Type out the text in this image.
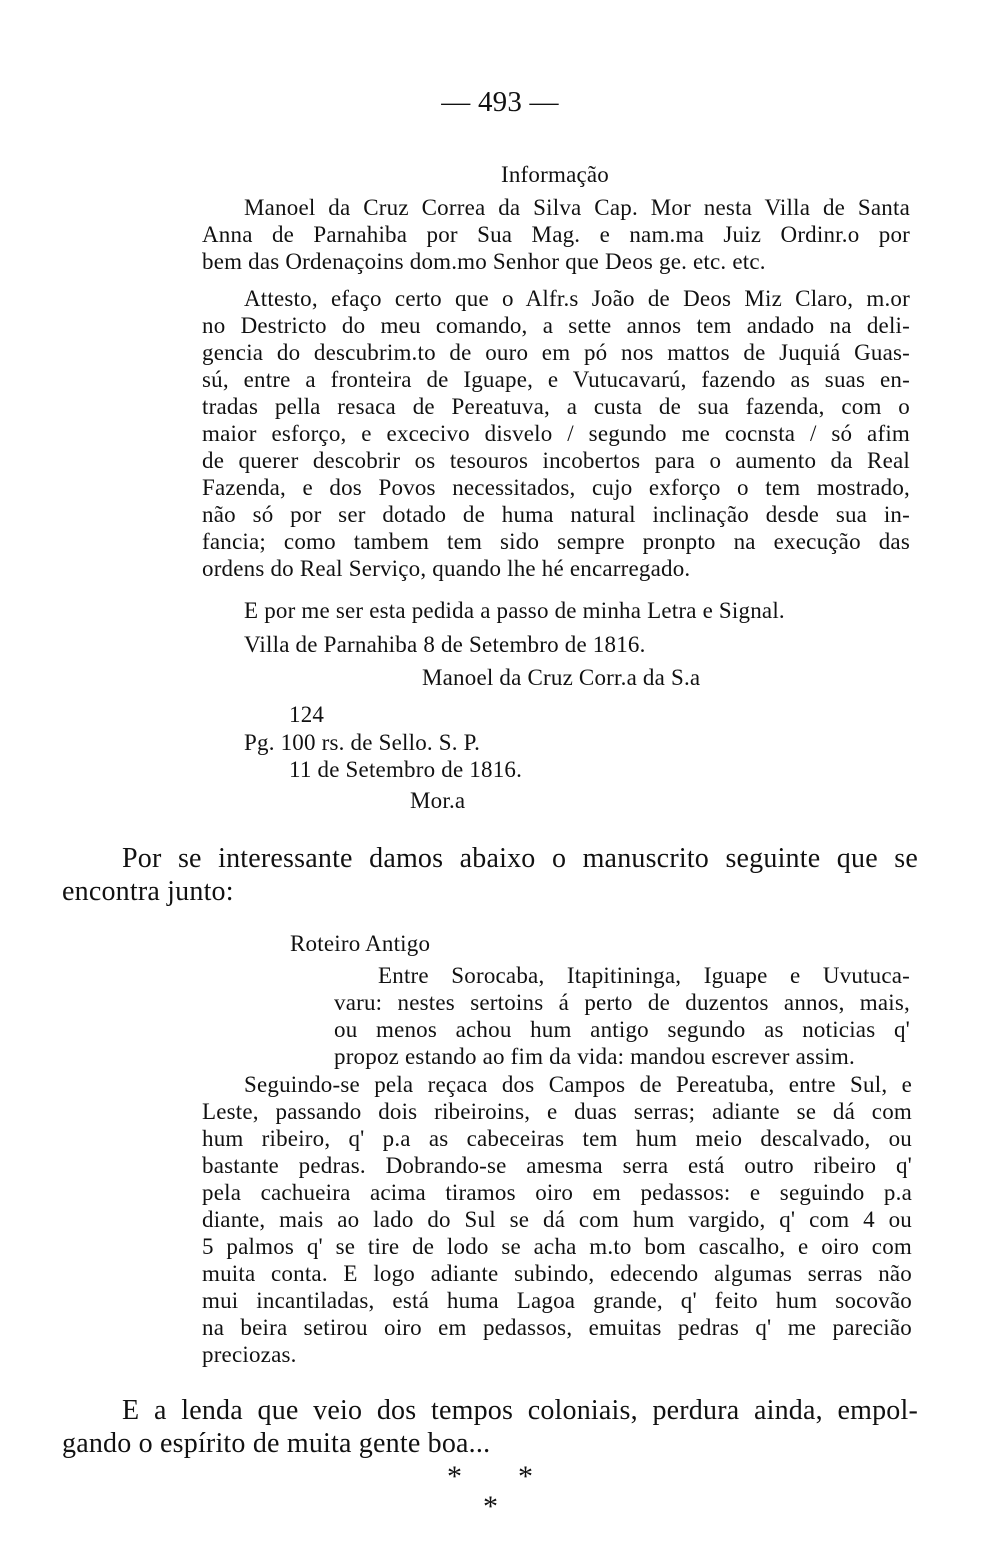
— 493 —
Informação
Manoel da Cruz Correa da Silva Cap. Mor nesta Villa de Santa
Anna de Parnahiba por Sua Mag. e nam.ma Juiz Ordinr.o por
bem das Ordenaçoins dom.mo Senhor que Deos ge. etc. etc.
Attesto, efaço certo que o Alfr.s João de Deos Miz Claro, m.or
no Destricto do meu comando, a sette annos tem andado na deli-
gencia do descubrim.to de ouro em pó nos mattos de Juquiá Guas-
sú, entre a fronteira de Iguape, e Vutucavarú, fazendo as suas en-
tradas pella resaca de Pereatuva, a custa de sua fazenda, com o
maior esforço, e excecivo disvelo / segundo me cocnsta / só afim
de querer descobrir os tesouros incobertos para o aumento da Real
Fazenda, e dos Povos necessitados, cujo exforço o tem mostrado,
não só por ser dotado de huma natural inclinação desde sua in-
fancia; como tambem tem sido sempre pronpto na execução das
ordens do Real Serviço, quando lhe hé encarregado.
E por me ser esta pedida a passo de minha Letra e Signal.
Villa de Parnahiba 8 de Setembro de 1816.
Manoel da Cruz Corr.a da S.a
124
Pg. 100 rs. de Sello. S. P.
11 de Setembro de 1816.
Mor.a
Por se interessante damos abaixo o manuscrito seguinte que se
encontra junto:
Roteiro Antigo
Entre Sorocaba, Itapitininga, Iguape e Uvutuca-
varu: nestes sertoins á perto de duzentos annos, mais,
ou menos achou hum antigo segundo as noticias q'
propoz estando ao fim da vida: mandou escrever assim.
Seguindo-se pela reçaca dos Campos de Pereatuba, entre Sul, e
Leste, passando dois ribeiroins, e duas serras; adiante se dá com
hum ribeiro, q' p.a as cabeceiras tem hum meio descalvado, ou
bastante pedras. Dobrando-se amesma serra está outro ribeiro q'
pela cachueira acima tiramos oiro em pedassos: e seguindo p.a
diante, mais ao lado do Sul se dá com hum vargido, q' com 4 ou
5 palmos q' se tire de lodo se acha m.to bom cascalho, e oiro com
muita conta. E logo adiante subindo, edecendo algumas serras não
mui incantiladas, está huma Lagoa grande, q' feito hum socovão
na beira setirou oiro em pedassos, emuitas pedras q' me pareciãо
preciozas.
E a lenda que veio dos tempos coloniais, perdura ainda, empol-
gando o espírito de muita gente boa...
* *
*
